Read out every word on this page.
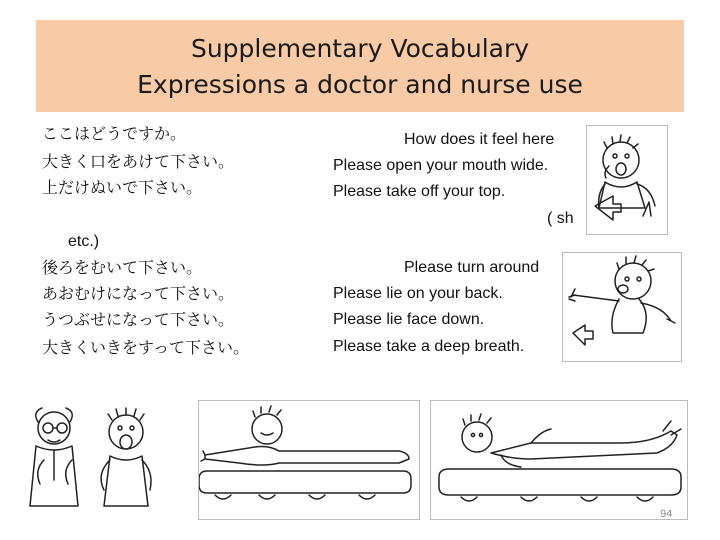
Supplementary Vocabulary
Expressions a doctor and nurse use
ここはどうですか。
大きく口をあけて下さい。
上だけぬいで下さい。
etc.)
後ろをむいて下さい。
あおむけになって下さい。
うつぶせになって下さい。
大きくいきをすって下さい。
How does it feel here
Please open your mouth wide.
Please take off your top.
( sh
Please turn around
Please lie on your back.
Please lie face down.
Please take a deep breath.
94
